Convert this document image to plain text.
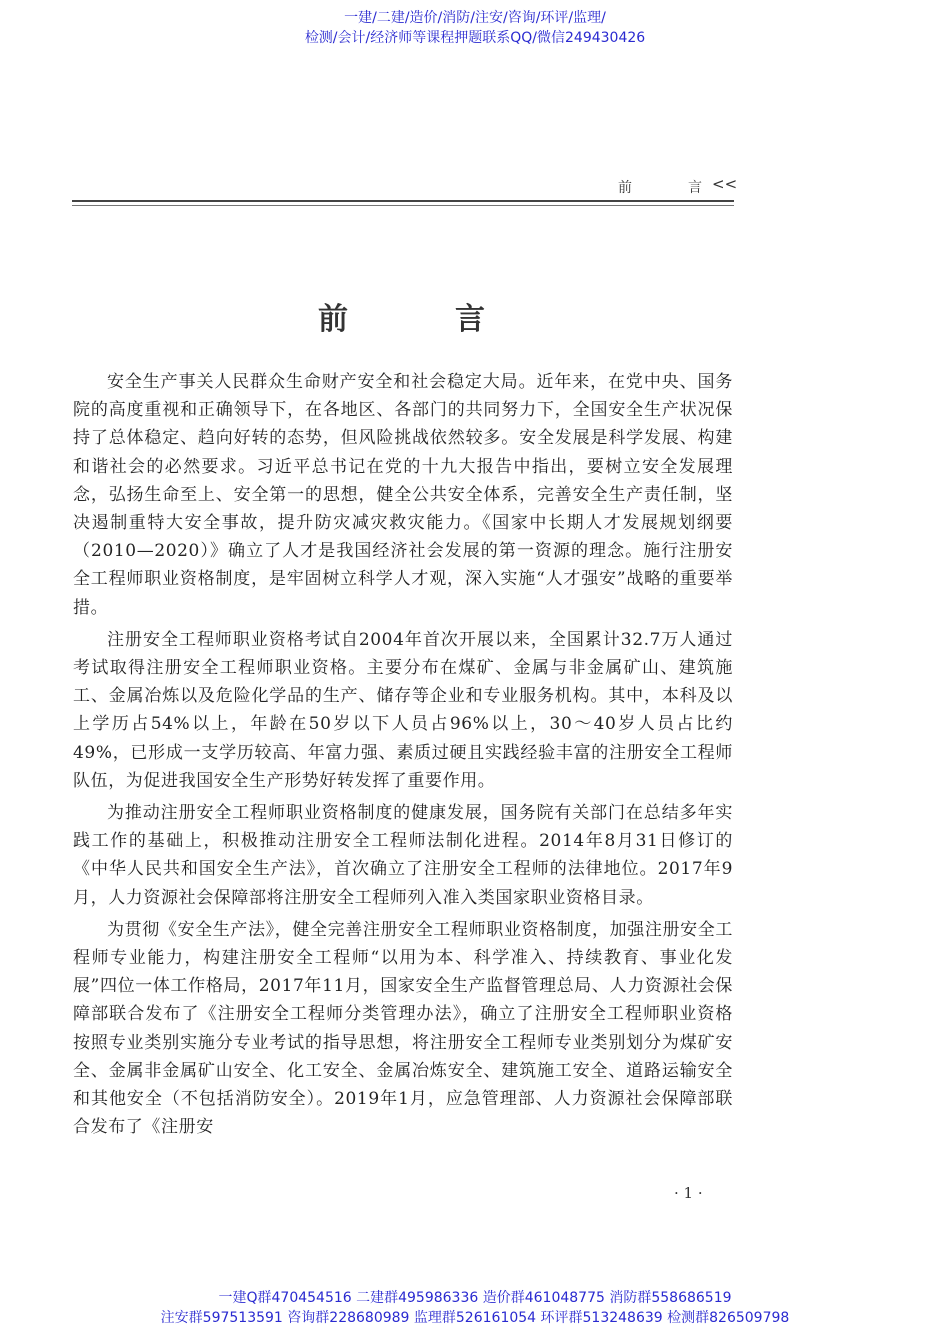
一建/二建/造价/消防/注安/咨询/环评/监理/
检测/会计/经济师等课程押题联系QQ/微信249430426
前	言 <<
前	言

安全生产事关人民群众生命财产安全和社会稳定大局。近年来，在党中央、国务院的高度重视和正确领导下，在各地区、各部门的共同努力下，全国安全生产状况保持了总体稳定、趋向好转的态势，但风险挑战依然较多。安全发展是科学发展、构建和谐社会的必然要求。习近平总书记在党的十九大报告中指出，要树立安全发展理念，弘扬生命至上、安全第一的思想，健全公共安全体系，完善安全生产责任制，坚决遏制重特大安全事故，提升防灾减灾救灾能力。《国家中长期人才发展规划纲要（2010—2020）》确立了人才是我国经济社会发展的第一资源的理念。施行注册安全工程师职业资格制度，是牢固树立科学人才观，深入实施“人才强安”战略的重要举措。

注册安全工程师职业资格考试自2004年首次开展以来，全国累计32.7万人通过考试取得注册安全工程师职业资格。主要分布在煤矿、金属与非金属矿山、建筑施工、金属冶炼以及危险化学品的生产、储存等企业和专业服务机构。其中，本科及以上学历占54%以上，年龄在50岁以下人员占96%以上，30～40岁人员占比约49%，已形成一支学历较高、年富力强、素质过硬且实践经验丰富的注册安全工程师队伍，为促进我国安全生产形势好转发挥了重要作用。

为推动注册安全工程师职业资格制度的健康发展，国务院有关部门在总结多年实践工作的基础上，积极推动注册安全工程师法制化进程。2014年8月31日修订的《中华人民共和国安全生产法》，首次确立了注册安全工程师的法律地位。2017年9月，人力资源社会保障部将注册安全工程师列入准入类国家职业资格目录。

为贯彻《安全生产法》，健全完善注册安全工程师职业资格制度，加强注册安全工程师专业能力，构建注册安全工程师“以用为本、科学准入、持续教育、事业化发展”四位一体工作格局，2017年11月，国家安全生产监督管理总局、人力资源社会保障部联合发布了《注册安全工程师分类管理办法》，确立了注册安全工程师职业资格按照专业类别实施分专业考试的指导思想，将注册安全工程师专业类别划分为煤矿安全、金属非金属矿山安全、化工安全、金属冶炼安全、建筑施工安全、道路运输安全和其他安全（不包括消防安全）。2019年1月，应急管理部、人力资源社会保障部联合发布了《注册安

· 1 ·
一建Q群470454516 二建群495986336 造价群461048775 消防群558686519
注安群597513591 咨询群228680989 监理群526161054 环评群513248639 检测群826509798
